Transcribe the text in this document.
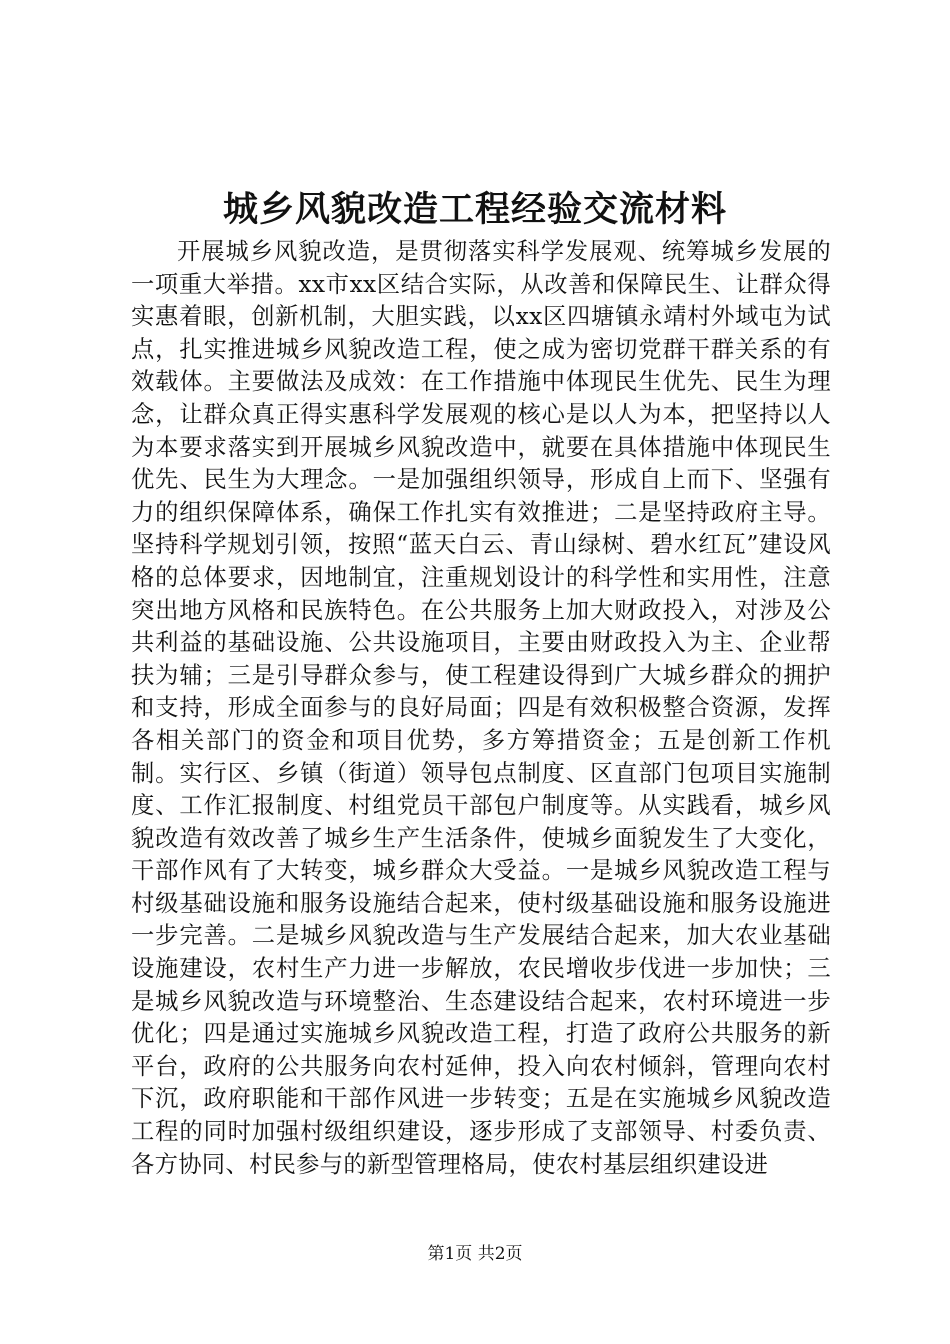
城乡风貌改造工程经验交流材料

开展城乡风貌改造，是贯彻落实科学发展观、统筹城乡发展的一项重大举措。xx市xx区结合实际，从改善和保障民生、让群众得实惠着眼，创新机制，大胆实践，以xx区四塘镇永靖村外域屯为试点，扎实推进城乡风貌改造工程，使之成为密切党群干群关系的有效载体。主要做法及成效：在工作措施中体现民生优先、民生为理念，让群众真正得实惠科学发展观的核心是以人为本，把坚持以人为本要求落实到开展城乡风貌改造中，就要在具体措施中体现民生优先、民生为大理念。一是加强组织领导，形成自上而下、坚强有力的组织保障体系，确保工作扎实有效推进；二是坚持政府主导。坚持科学规划引领，按照“蓝天白云、青山绿树、碧水红瓦”建设风格的总体要求，因地制宜，注重规划设计的科学性和实用性，注意突出地方风格和民族特色。在公共服务上加大财政投入，对涉及公共利益的基础设施、公共设施项目，主要由财政投入为主、企业帮扶为辅；三是引导群众参与，使工程建设得到广大城乡群众的拥护和支持，形成全面参与的良好局面；四是有效积极整合资源，发挥各相关部门的资金和项目优势，多方筹措资金；五是创新工作机制。实行区、乡镇（街道）领导包点制度、区直部门包项目实施制度、工作汇报制度、村组党员干部包户制度等。从实践看，城乡风貌改造有效改善了城乡生产生活条件，使城乡面貌发生了大变化，干部作风有了大转变，城乡群众大受益。一是城乡风貌改造工程与村级基础设施和服务设施结合起来，使村级基础设施和服务设施进一步完善。二是城乡风貌改造与生产发展结合起来，加大农业基础设施建设，农村生产力进一步解放，农民增收步伐进一步加快；三是城乡风貌改造与环境整治、生态建设结合起来，农村环境进一步优化；四是通过实施城乡风貌改造工程，打造了政府公共服务的新平台，政府的公共服务向农村延伸，投入向农村倾斜，管理向农村下沉，政府职能和干部作风进一步转变；五是在实施城乡风貌改造工程的同时加强村级组织建设，逐步形成了支部领导、村委负责、各方协同、村民参与的新型管理格局，使农村基层组织建设进

第1页 共2页
